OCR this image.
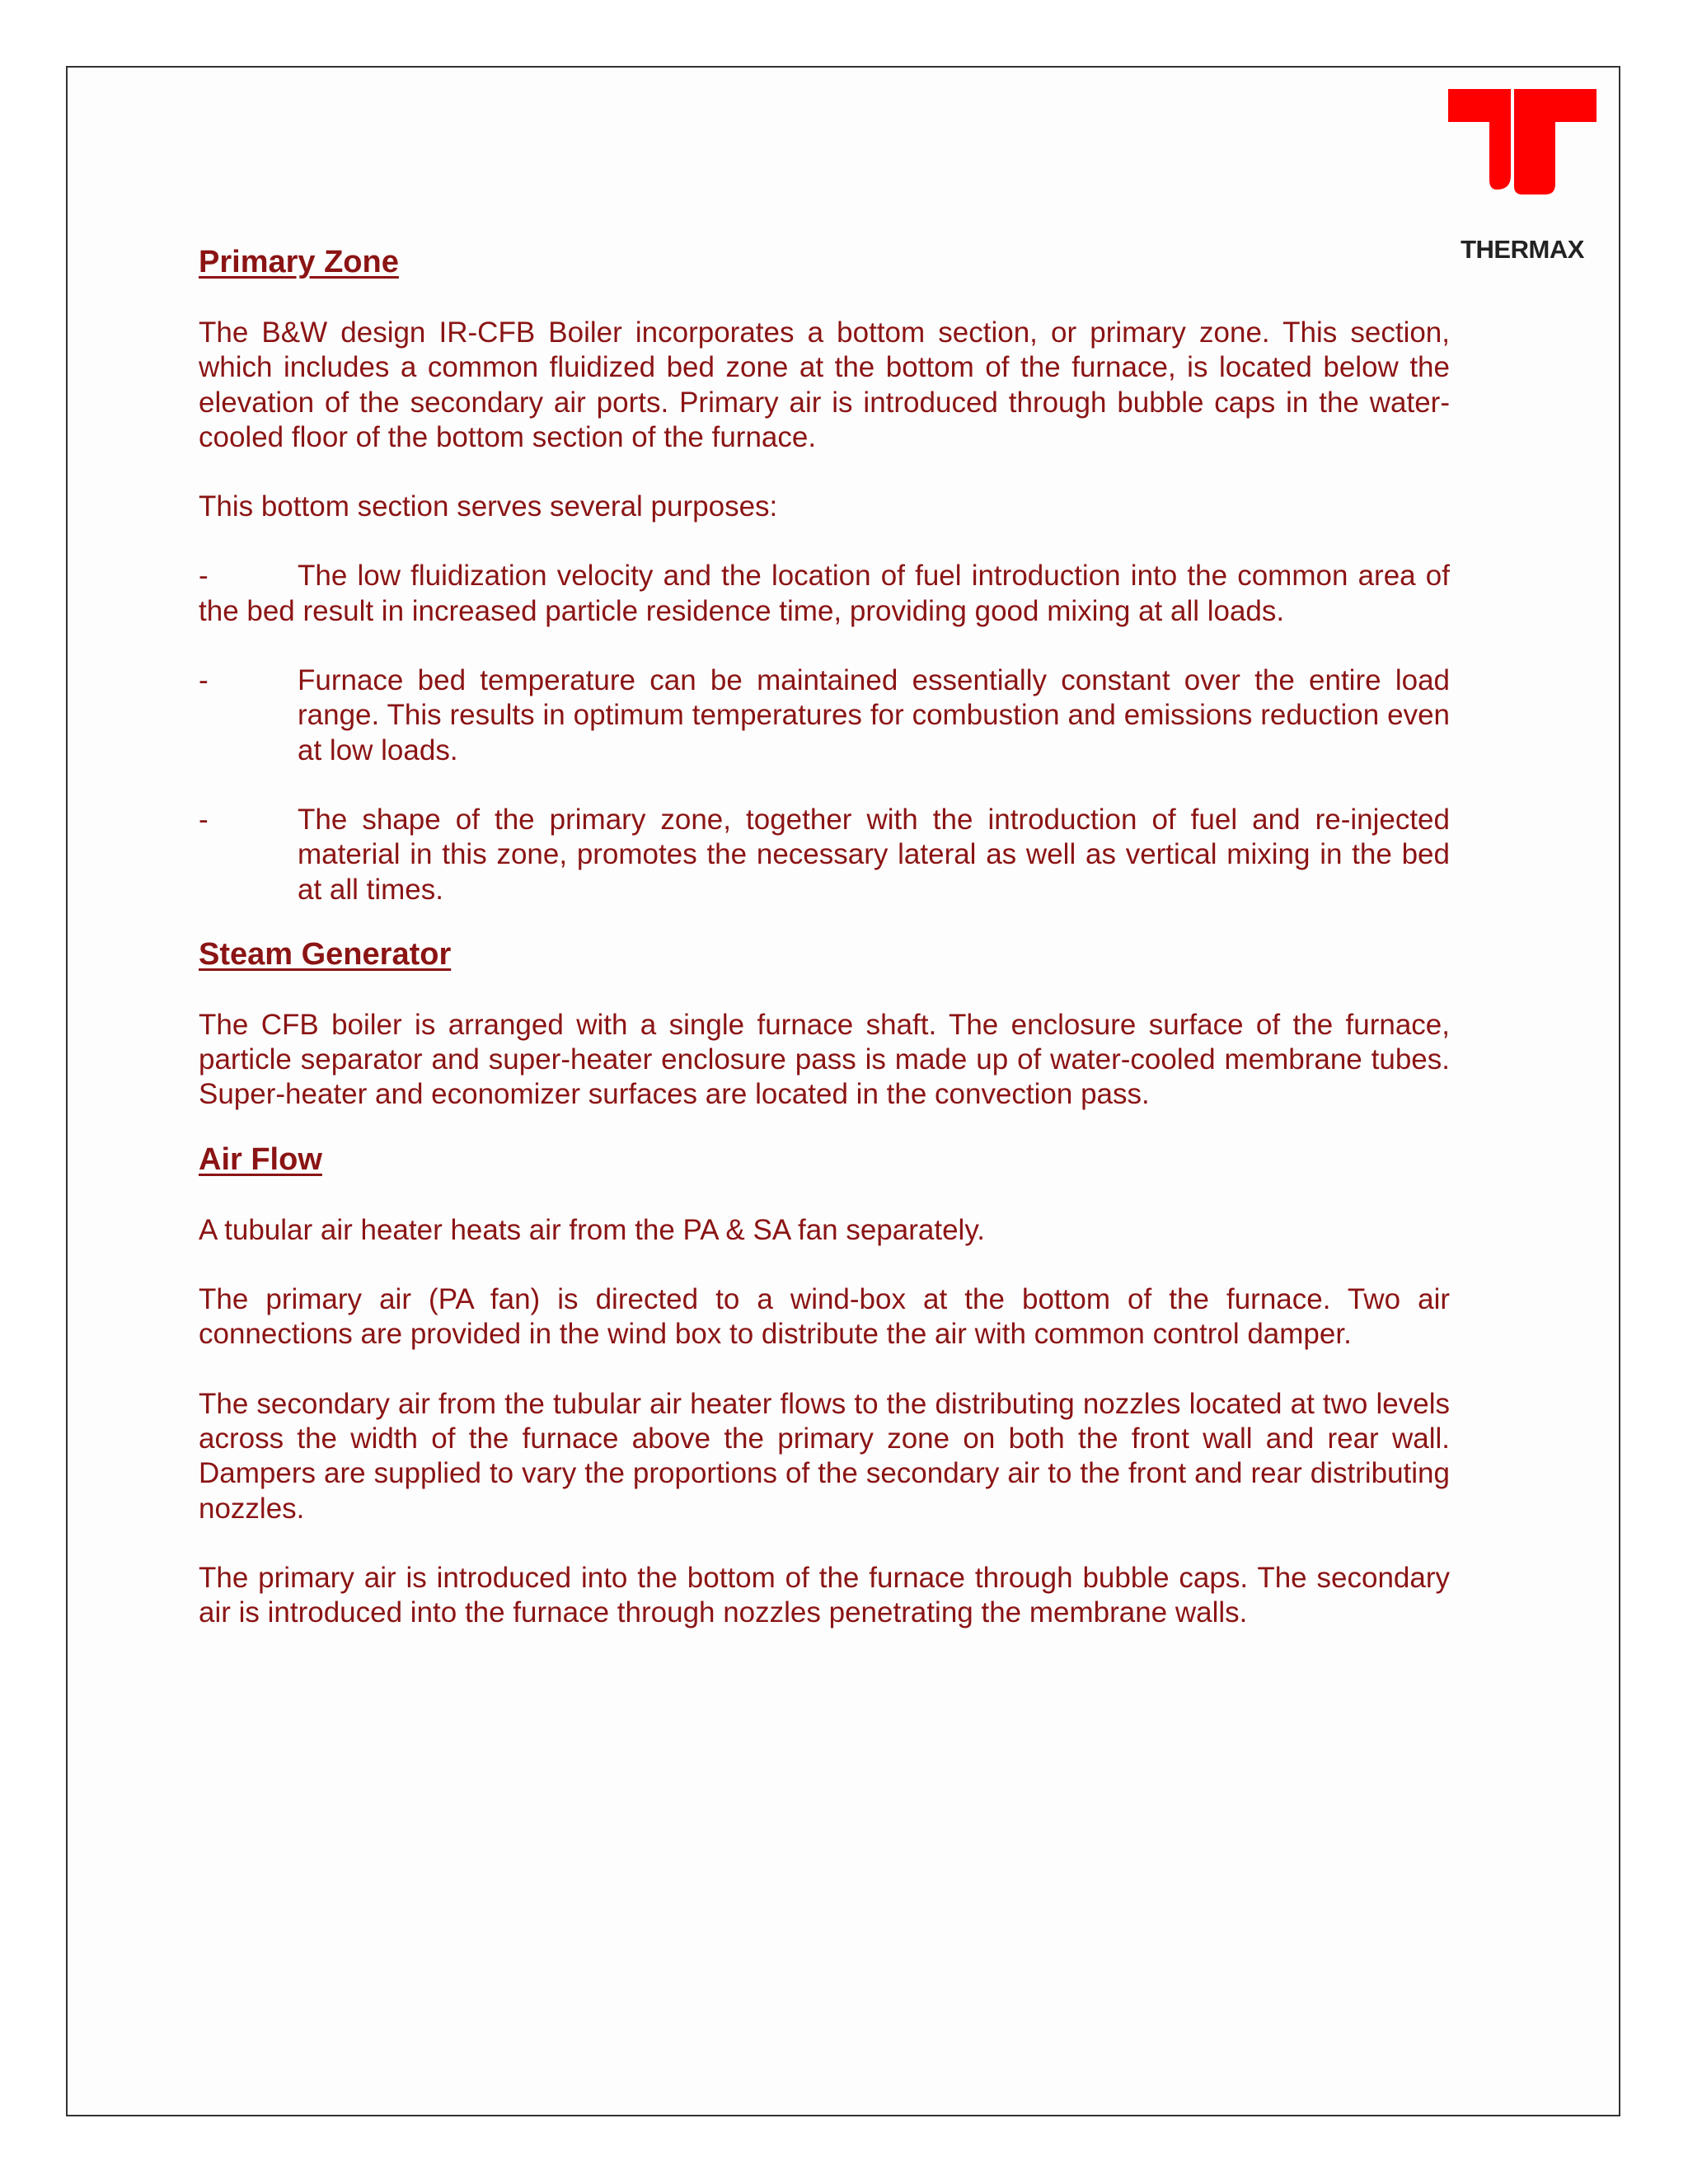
THERMAX
Primary Zone

The B&W design IR-CFB Boiler incorporates a bottom section, or primary zone. This section, which includes a common fluidized bed zone at the bottom of the furnace, is located below the elevation of the secondary air ports. Primary air is introduced through bubble caps in the water-cooled floor of the bottom section of the furnace.

This bottom section serves several purposes:

-	The low fluidization velocity and the location of fuel introduction into the common area of the bed result in increased particle residence time, providing good mixing at all loads.

-	Furnace bed temperature can be maintained essentially constant over the entire load range. This results in optimum temperatures for combustion and emissions reduction even at low loads.
-	The shape of the primary zone, together with the introduction of fuel and re-injected material in this zone, promotes the necessary lateral as well as vertical mixing in the bed at all times.
Steam Generator

The CFB boiler is arranged with a single furnace shaft. The enclosure surface of the furnace, particle separator and super-heater enclosure pass is made up of water-cooled membrane tubes. Super-heater and economizer surfaces are located in the convection pass.

Air Flow

A tubular air heater heats air from the PA & SA fan separately.

The primary air (PA fan) is directed to a wind-box at the bottom of the furnace. Two air connections are provided in the wind box to distribute the air with common control damper.

The secondary air from the tubular air heater flows to the distributing nozzles located at two levels across the width of the furnace above the primary zone on both the front wall and rear wall. Dampers are supplied to vary the proportions of the secondary air to the front and rear distributing nozzles.

The primary air is introduced into the bottom of the furnace through bubble caps. The secondary air is introduced into the furnace through nozzles penetrating the membrane walls.
